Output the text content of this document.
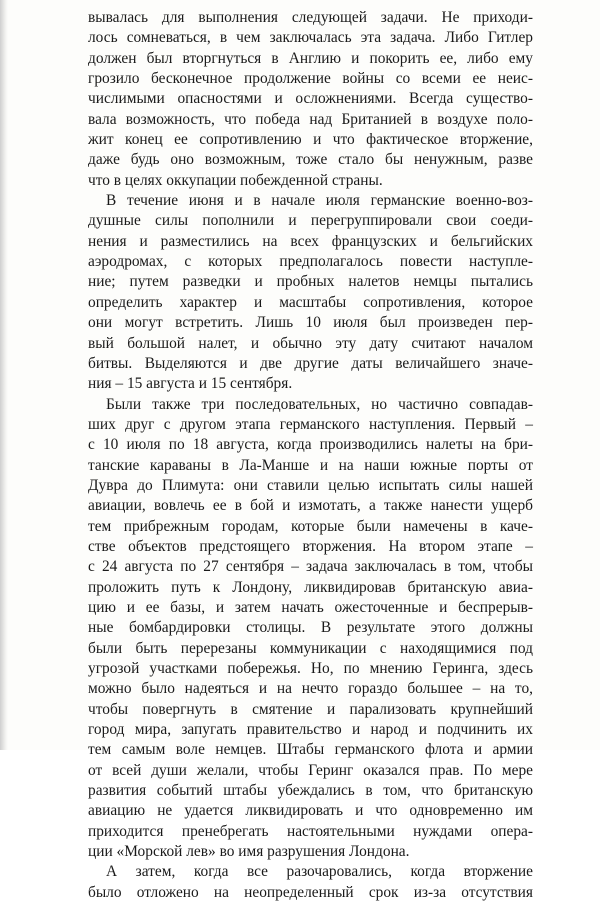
вывалась для выполнения следующей задачи. Не приходи-
лось сомневаться, в чем заключалась эта задача. Либо Гитлер
должен был вторгнуться в Англию и покорить ее, либо ему
грозило бесконечное продолжение войны со всеми ее неис-
числимыми опасностями и осложнениями. Всегда существо-
вала возможность, что победа над Британией в воздухе поло-
жит конец ее сопротивлению и что фактическое вторжение,
даже будь оно возможным, тоже стало бы ненужным, разве
что в целях оккупации побежденной страны.
В течение июня и в начале июля германские военно-воз-
душные силы пополнили и перегруппировали свои соеди-
нения и разместились на всех французских и бельгийских
аэродромах, с которых предполагалось повести наступле-
ние; путем разведки и пробных налетов немцы пытались
определить характер и масштабы сопротивления, которое
они могут встретить. Лишь 10 июля был произведен пер-
вый большой налет, и обычно эту дату считают началом
битвы. Выделяются и две другие даты величайшего значе-
ния – 15 августа и 15 сентября.
Были также три последовательных, но частично совпадав-
ших друг с другом этапа германского наступления. Первый –
с 10 июля по 18 августа, когда производились налеты на бри-
танские караваны в Ла-Манше и на наши южные порты от
Дувра до Плимута: они ставили целью испытать силы нашей
авиации, вовлечь ее в бой и измотать, а также нанести ущерб
тем прибрежным городам, которые были намечены в каче-
стве объектов предстоящего вторжения. На втором этапе –
с 24 августа по 27 сентября – задача заключалась в том, чтобы
проложить путь к Лондону, ликвидировав британскую авиа-
цию и ее базы, и затем начать ожесточенные и беспрерыв-
ные бомбардировки столицы. В результате этого должны
были быть перерезаны коммуникации с находящимися под
угрозой участками побережья. Но, по мнению Геринга, здесь
можно было надеяться и на нечто гораздо большее – на то,
чтобы повергнуть в смятение и парализовать крупнейший
город мира, запугать правительство и народ и подчинить их
тем самым воле немцев. Штабы германского флота и армии
от всей души желали, чтобы Геринг оказался прав. По мере
развития событий штабы убеждались в том, что британскую
авиацию не удается ликвидировать и что одновременно им
приходится пренебрегать настоятельными нуждами опера-
ции «Морской лев» во имя разрушения Лондона.
А затем, когда все разочаровались, когда вторжение
было отложено на неопределенный срок из-за отсутствия
